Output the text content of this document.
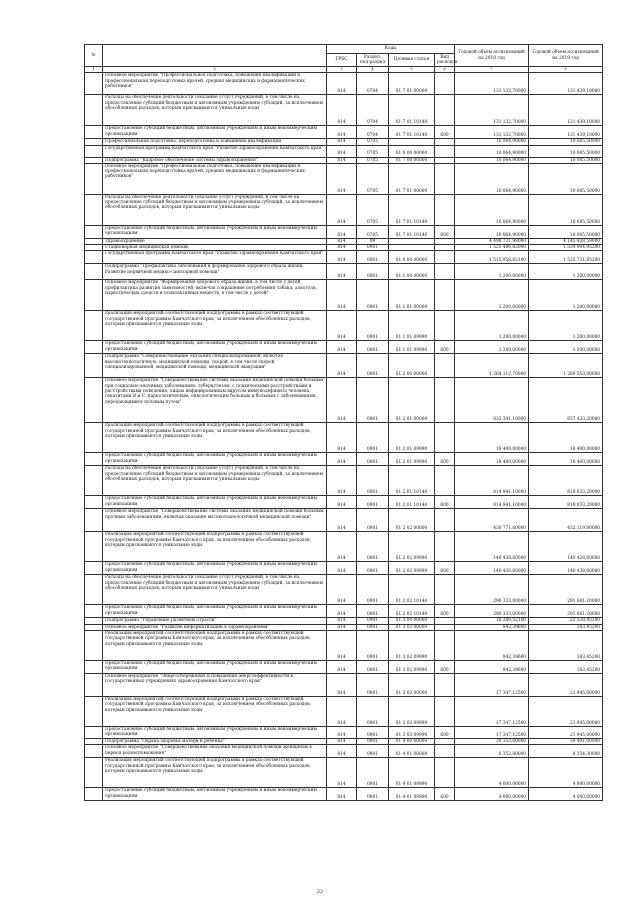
№		Коды				Годовой объем ассигнований на 2018 год	Годовой объем ассигнований на 2019 год
		ГРБС	Раздел, под-раздел	Целевая статья	Вид расходов		
1	2	3	4	5	6	7	8
	Основное мероприятие "Профессиональная подготовка, повышение квалификации и профессиональная переподготовка врачей, средних медицинских и фармацевтических работников"	814	0704	01 7 01 00000		131 132,70000	131 439,10000
	Расходы на обеспечение деятельности (оказание услуг) учреждений, в том числе на предоставление субсидий бюджетным и автономным учреждениям субсидий, за исключением обособленных расходов, которым присваиваются уникальные коды	814	0704	01 7 01 10140		131 132,70000	131 439,10000
	Предоставление субсидий бюджетным, автономным учреждениям и иным некоммерческим организациям	814	0704	01 7 01 10140	600	131 132,70000	131 439,10000
	Профессиональная подготовка, переподготовка и повышение квалификации	814	0705			10 064,90000	10 085,50000
	Государственная программа Камчатского края "Развитие здравоохранения Камчатского края"	814	0705	01 0 00 00000		10 064,90000	10 085,50000
	Подпрограмма "Кадровое обеспечение системы здравоохранения"	814	0705	01 7 00 00000		10 064,90000	10 085,50000
	Основное мероприятие "Профессиональная подготовка, повышение квалификации и профессиональная переподготовка врачей, средних медицинских и фармацевтических работников"	814	0705	01 7 01 00000		10 064,90000	10 085,50000
	Расходы на обеспечение деятельности (оказание услуг) учреждений, в том числе на предоставление субсидий бюджетным и автономным учреждениям субсидий, за исключением обособленных расходов, которым присваиваются уникальные коды	814	0705	01 7 01 10140		10 064,90000	10 085,50000
	Предоставление субсидий бюджетным, автономным учреждениям и иным некоммерческим организациям	814	0705	01 7 01 10140	600	10 064,90000	10 085,50000
	Здравоохранение	814	09			4 498 731,98000	4 145 438,59000
	Стационарная медицинская помощь	814	0901			1 525 486,82000	1 534 904,95200
	Государственная программа Камчатского края "Развитие здравоохранения Камчатского края"	814	0901	01 0 00 00000		1 515 958,82100	1 525 731,85200
	Подпрограмма "Профилактика заболеваний и формирование здорового образа жизни. Развитие первичной медико-санитарной помощи"	814	0901	01 1 00 00000		1 200,00000	1 200,00000
	Основное мероприятие "Формирование здорового образа жизни, в том числе у детей, профилактика развития зависимостей, включая сокращение потребления табака, алкоголя, наркотических средств и психоактивных веществ, в том числе у детей"	814	0901	01 1 01 00000		1 200,00000	1 200,00000
	Реализация мероприятий соответствующей подпрограммы в рамках соответствующей государственной программы Камчатского края, за исключением обособленных расходов, которым присваиваются уникальные коды	814	0901	01 1 01 09990		1 200,00000	1 200,00000
	Предоставление субсидий бюджетным, автономным учреждениям и иным некоммерческим организациям	814	0901	01 1 01 09990	600	1 200,00000	1 200,00000
	Подпрограмма "Совершенствование оказания специализированной, включая высокотехнологичную, медицинской помощи, скорой, в том числе скорой специализированной, медицинской помощи, медицинской эвакуации"	814	0901	01 2 00 00000		1 264 112,70000	1 269 553,00000
	Основное мероприятие "Совершенствование системы оказания медицинской помощи больным при социально-значимых заболеваниях: туберкулезом, с психическими расстройствами и расстройствами поведения, лицам инфицированным вирусом иммунодефицита человека, гепатитами В и С, наркологическим, онкологическим больным и больным с заболеваниями, передающимися половым путем"	814	0901	01 2 01 00000		833 341,10000	837 433,20000
	Реализация мероприятий соответствующей подпрограммы в рамках соответствующей государственной программы Камчатского края, за исключением обособленных расходов, которым присваиваются уникальные коды	814	0901	01 2 01 09990		18 400,00000	18 400,00000
	Предоставление субсидий бюджетным, автономным учреждениям и иным некоммерческим организациям	814	0901	01 2 01 09990	600	18 400,00000	18 400,00000
	Расходы на обеспечение деятельности (оказание услуг) учреждений, в том числе на предоставление субсидий бюджетным и автономным учреждениям субсидий, за исключением обособленных расходов, которым присваиваются уникальные коды	814	0901	01 2 01 10140		814 941,10000	819 033,20000
	Предоставление субсидий бюджетным, автономным учреждениям и иным некоммерческим организациям	814	0901	01 2 01 10140	600	814 941,10000	819 033,20000
	Основное мероприятие "Совершенствование системы оказания медицинской помощи больным прочими заболеваниями, включая оказание высокотехнологичной медицинской помощи"	814	0901	01 2 02 00000		430 771,60000	432 119,80000
	Реализация мероприятий соответствующей подпрограммы в рамках соответствующей государственной программы Камчатского края, за исключением обособленных расходов, которым присваиваются уникальные коды	814	0901	01 2 02 09990		140 438,60000	140 438,60000
	Предоставление субсидий бюджетным, автономным учреждениям и иным некоммерческим организациям	814	0901	01 2 02 09990	600	140 438,60000	140 438,60000
	Расходы на обеспечение деятельности (оказание услуг) учреждений, в том числе на предоставление субсидий бюджетным и автономным учреждениям субсидий, за исключением обособленных расходов, которым присваиваются уникальные коды	814	0901	01 2 02 10140		290 333,00000	291 681,20000
	Предоставление субсидий бюджетным, автономным учреждениям и иным некоммерческим организациям	814	0901	01 2 02 10140	600	290 333,00000	291 681,20000
	Подпрограмма "Управление развитием отрасли"	814	0901	01 3 00 00000		18 289,52100	22 128,45200
	Основное мероприятие "Развитие информатизации в здравоохранении"	814	0901	01 3 02 00000		942,39600	183,45200
	Реализация мероприятий соответствующей подпрограммы в рамках соответствующей государственной программы Камчатского края, за исключением обособленных расходов, которым присваиваются уникальные коды	814	0901	01 3 02 09990		942,39600	183,45200
	Предоставление субсидий бюджетным, автономным учреждениям и иным некоммерческим организациям	814	0901	01 3 02 09990	600	942,39600	183,45200
	Основное мероприятие "Энергосбережение и повышение энергоэффективности в государственных учреждениях здравоохранения Камчатского края"	814	0901	01 3 03 00000		17 347,12500	21 945,00000
	Реализация мероприятий соответствующей подпрограммы в рамках соответствующей государственной программы Камчатского края, за исключением обособленных расходов, которым присваиваются уникальные коды	814	0901	01 3 03 09990		17 347,12500	21 945,00000
	Предоставление субсидий бюджетным, автономным учреждениям и иным некоммерческим организациям	814	0901	01 3 03 09990	600	17 347,12500	21 945,00000
	Подпрограмма "Охрана здоровья матери и ребенка"	814	0901	01 4 00 00000		39 353,60000	39 491,00000
	Основное мероприятие "Совершенствование оказания медицинской помощи женщинам в период родовспоможения"	814	0901	01 4 01 00000		8 352,80000	8 354,30000
	Реализация мероприятий соответствующей подпрограммы в рамках соответствующей государственной программы Камчатского края, за исключением обособленных расходов, которым присваиваются уникальные коды	814	0901	01 4 01 09990		4 000,00000	4 000,00000
	Предоставление субсидий бюджетным, автономным учреждениям и иным некоммерческим организациям	814	0901	01 4 01 09990	600	4 000,00000	4 000,00000
22
